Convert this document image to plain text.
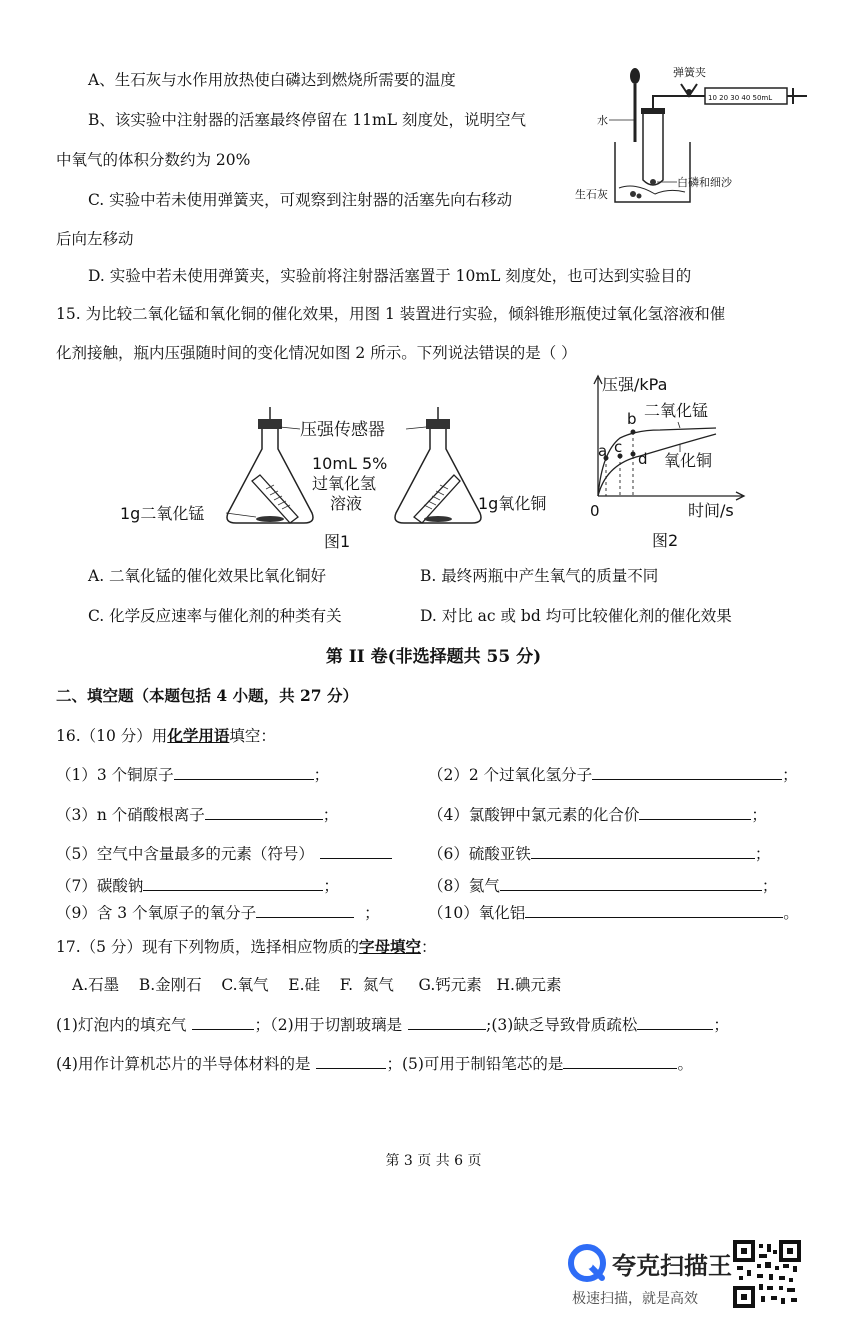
A、生石灰与水作用放热使白磷达到燃烧所需要的温度
B、该实验中注射器的活塞最终停留在 11mL 刻度处，说明空气
中氧气的体积分数约为 20%
C. 实验中若未使用弹簧夹，可观察到注射器的活塞先向右移动
后向左移动
D. 实验中若未使用弹簧夹，实验前将注射器活塞置于 10mL 刻度处，也可达到实验目的
10 20 30 40 50mL
弹簧夹
水
白磷和细沙
生石灰
15. 为比较二氧化锰和氧化铜的催化效果，用图 1 装置进行实验，倾斜锥形瓶使过氧化氢溶液和催
化剂接触，瓶内压强随时间的变化情况如图 2 所示。下列说法错误的是（ ）
压强传感器
10mL 5%
过氧化氢
溶液
1g二氧化锰
1g氧化铜
图1
压强/kPa
时间/s
0
二氧化锰
氧化铜
a
b
c
d
图2
A. 二氧化锰的催化效果比氧化铜好	B. 最终两瓶中产生氧气的质量不同
C. 化学反应速率与催化剂的种类有关	D. 对比 ac 或 bd 均可比较催化剂的催化效果
第 II 卷(非选择题共 55 分)
二、填空题（本题包括 4 小题，共 27 分）
16.（10 分）用化学用语填空：
（1）3 个铜原子	；	（2）2 个过氧化氢分子	；
（3）n 个硝酸根离子	；	（4）氯酸钾中氯元素的化合价	；
（5）空气中含量最多的元素（符号）	（6）硫酸亚铁	；
（7）碳酸钠	；	（8）氦气	；
（9）含 3 个氧原子的氧分子	；	（10）氧化铝	。
17.（5 分）现有下列物质，选择相应物质的字母填空：
A.石墨    B.金刚石    C.氧气    E.硅    F.  氮气     G.钙元素   H.碘元素
(1)灯泡内的填充气	；（2)用于切割玻璃是	;(3)缺乏导致骨质疏松	；
(4)用作计算机芯片的半导体材料的是	；(5)可用于制铅笔芯的是	。
第 3 页 共 6 页
夸克扫描王
极速扫描，就是高效
